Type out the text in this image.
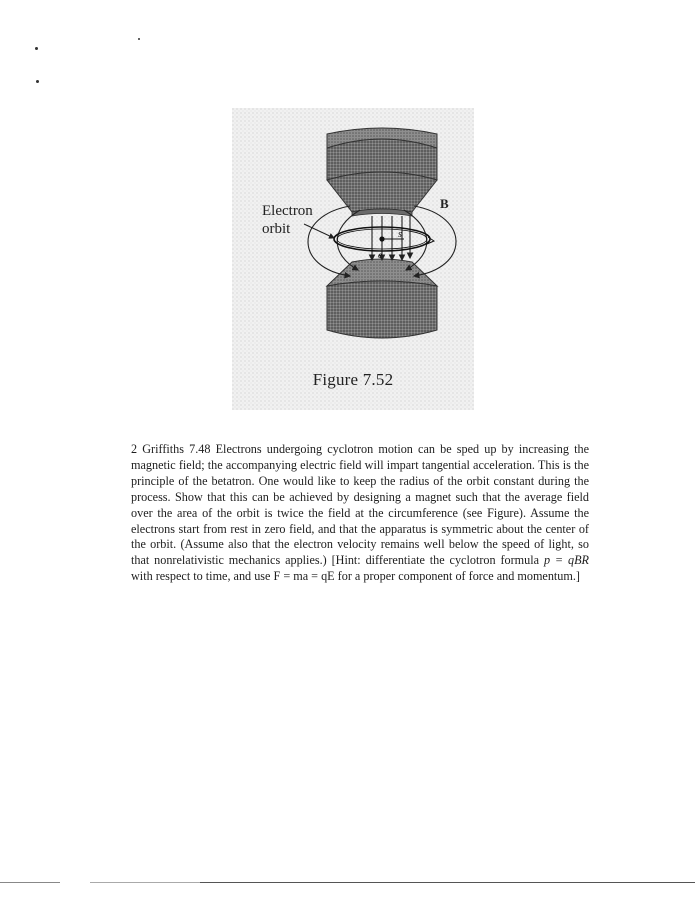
s
e
Electron
orbit
B
Figure 7.52

2 Griffiths 7.48 Electrons undergoing cyclotron motion can be sped up by increasing the magnetic field; the accompanying electric field will impart tangential acceleration. This is the principle of the betatron. One would like to keep the radius of the orbit constant during the process. Show that this can be achieved by designing a magnet such that the average field over the area of the orbit is twice the field at the circumference (see Figure). Assume the electrons start from rest in zero field, and that the apparatus is symmetric about the center of the orbit. (Assume also that the electron velocity remains well below the speed of light, so that nonrelativistic mechanics applies.) [Hint: differentiate the cyclotron formula p = qBR with respect to time, and use F = ma = qE for a proper component of force and momentum.]
